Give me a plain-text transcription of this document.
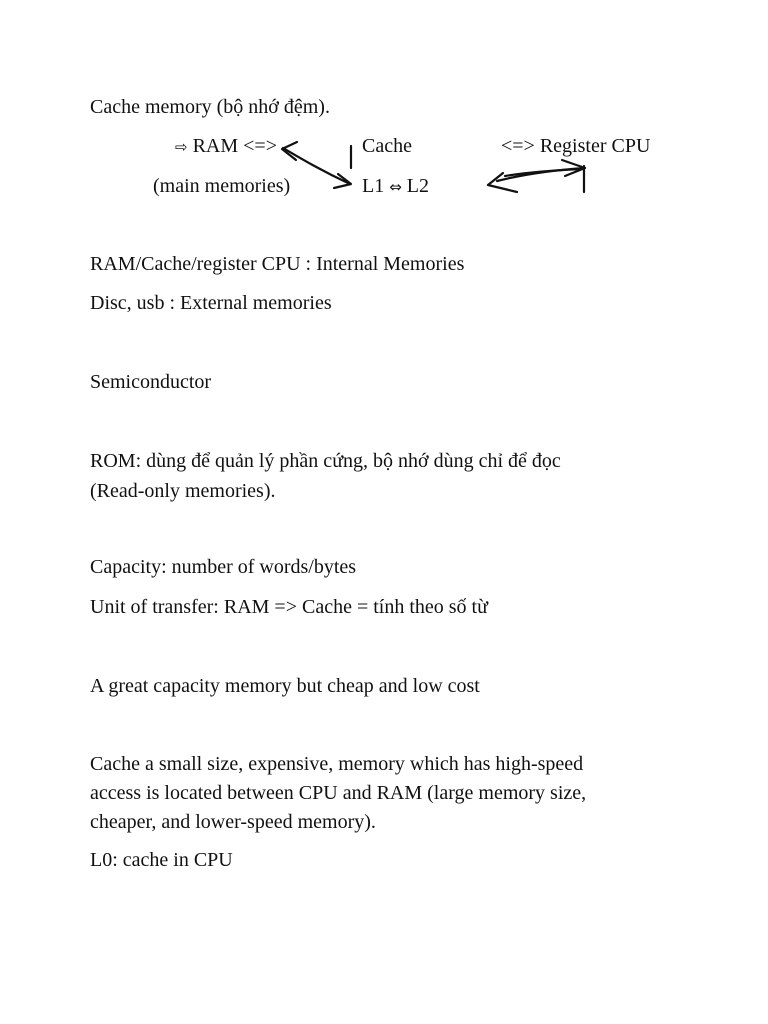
Cache memory (bộ nhớ đệm).
⇨ RAM <=>	Cache	<=> Register CPU
(main memories)	L1 ⇔ L2
RAM/Cache/register CPU : Internal Memories
Disc, usb : External memories
Semiconductor
ROM: dùng để quản lý phần cứng, bộ nhớ dùng chỉ để đọc
(Read-only memories).
Capacity: number of words/bytes
Unit of transfer: RAM => Cache = tính theo số từ
A great capacity memory but cheap and low cost
Cache a small size, expensive, memory which has high-speed
access is located between CPU and RAM (large memory size,
cheaper, and lower-speed memory).
L0: cache in CPU
